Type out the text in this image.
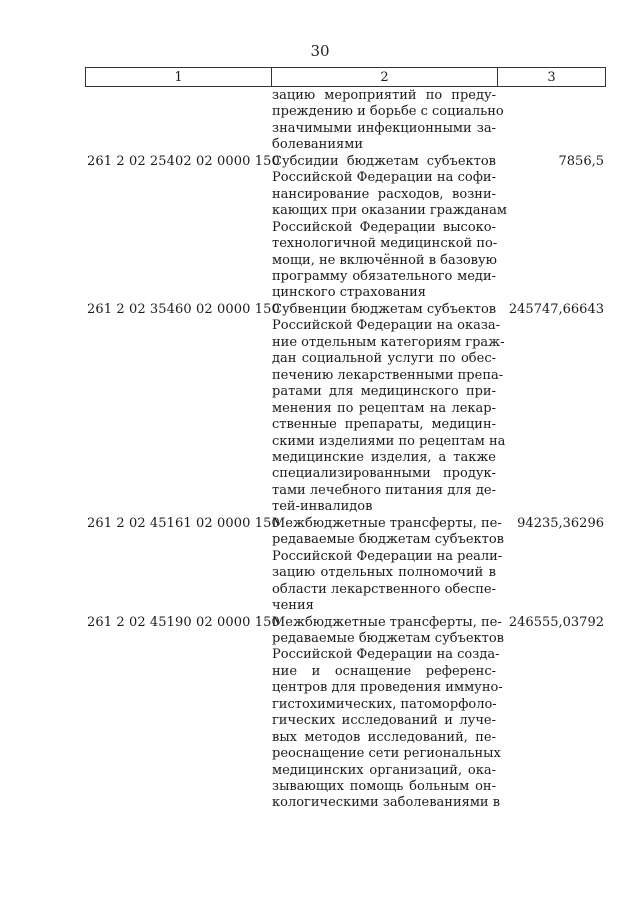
30
1	2	3
зацию мероприятий по преду-
преждению и борьбе с социально
значимыми инфекционными за-
болеваниями
261 2 02 25402 02 0000 150
Субсидии бюджетам субъектов
Российской Федерации на софи-
нансирование расходов, возни-
кающих при оказании гражданам
Российской Федерации высоко-
технологичной медицинской по-
мощи, не включённой в базовую
программу обязательного меди-
цинского страхования
7856,5
261 2 02 35460 02 0000 150
Субвенции бюджетам субъектов
Российской Федерации на оказа-
ние отдельным категориям граж-
дан социальной услуги по обес-
печению лекарственными препа-
ратами для медицинского при-
менения по рецептам на лекар-
ственные препараты, медицин-
скими изделиями по рецептам на
медицинские изделия, а также
специализированными продук-
тами лечебного питания для де-
тей-инвалидов
245747,66643
261 2 02 45161 02 0000 150
Межбюджетные трансферты, пе-
редаваемые бюджетам субъектов
Российской Федерации на реали-
зацию отдельных полномочий в
области лекарственного обеспе-
чения
94235,36296
261 2 02 45190 02 0000 150
Межбюджетные трансферты, пе-
редаваемые бюджетам субъектов
Российской Федерации на созда-
ние и оснащение референс-
центров для проведения иммуно-
гистохимических, патоморфоло-
гических исследований и луче-
вых методов исследований, пе-
реоснащение сети региональных
медицинских организаций, ока-
зывающих помощь больным он-
кологическими заболеваниями в
246555,03792
